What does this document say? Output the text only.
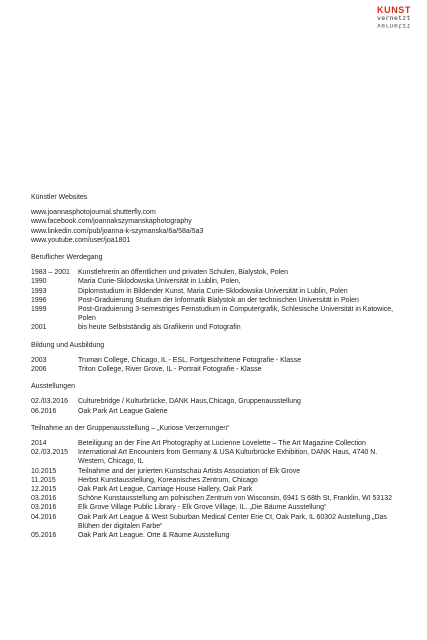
KUNST
vernetzt
vernetzt

Künstler Websites

www.joannasphotojournal.shutterfly.com

www.facebook.com/joannakszymanskaphotography

www.linkedin.com/pub/joanna-k-szymanska/6a/58a/5a3

www.youtube.com/user/joa1801

Beruflicher Werdegang

1983 – 2001	Kunstlehrerin an öffentlichen und privaten Schulen, Bialystok, Polen
1990	Maria Curie-Sklodowska Universität in Lublin, Polen,
1993	Diplomstudium in Bildender Kunst, Maria Curie-Sklodowska Universität in Lublin, Polen
1996	Post-Graduierung Studium der Informatik Bialystok an der technischen Universität in Polen
1999	Post-Graduierung 3-semestriges Fernstudium in Computergrafik, Schlesische Universität in Katowice, Polen
2001	bis heute Selbstständig als Grafikerin und Fotografin

Bildung und Ausbildung

2003	Truman College, Chicago, IL - ESL, Fortgeschrittene Fotografie - Klasse
2006	Triton College, River Grove, IL - Portrait Fotografie - Klasse

Ausstellungen

02./03.2016	Culturebridge / Kulturbrücke, DANK Haus,Chicago, Gruppenausstellung
06.2016	Oak Park Art League Galerie

Teilnahme an der Gruppenausstellung – „Kuriose Verzerrungen“

2014	Beteiligung an der Fine Art Photography at Lucienne Lovelette – The Art Magazine Collection
02./03.2015	International Art Encounters from Germany & USA Kulturbrücke Exhibition, DANK Haus, 4740 N. Western, Chicago, IL
10.2015	Teilnahme and der jurierten Kunstschau Artists Association of Elk Grove
11.2015	Herbst Kunstausstellung, Koreanisches Zentrum, Chicago
12.2015	Oak Park Art League, Carriage House Hallery, Oak Park
03.2016	Schöne Kunstausstellung am polnischen Zentrum von Wisconsin, 6941 S 68th St, Franklin, WI 53132
03.2016	Elk Grove Village Public Library - Elk Grove Village, IL. „Die Bäume Ausstellung“
04.2016	Oak Park Art League & West Suburban Medical Center Erie Ct, Oak Park, IL 60302 Austellung „Das Blühen der digitalen Farbe“
05.2016	Oak Park Art League. Orte & Räume Ausstellung
